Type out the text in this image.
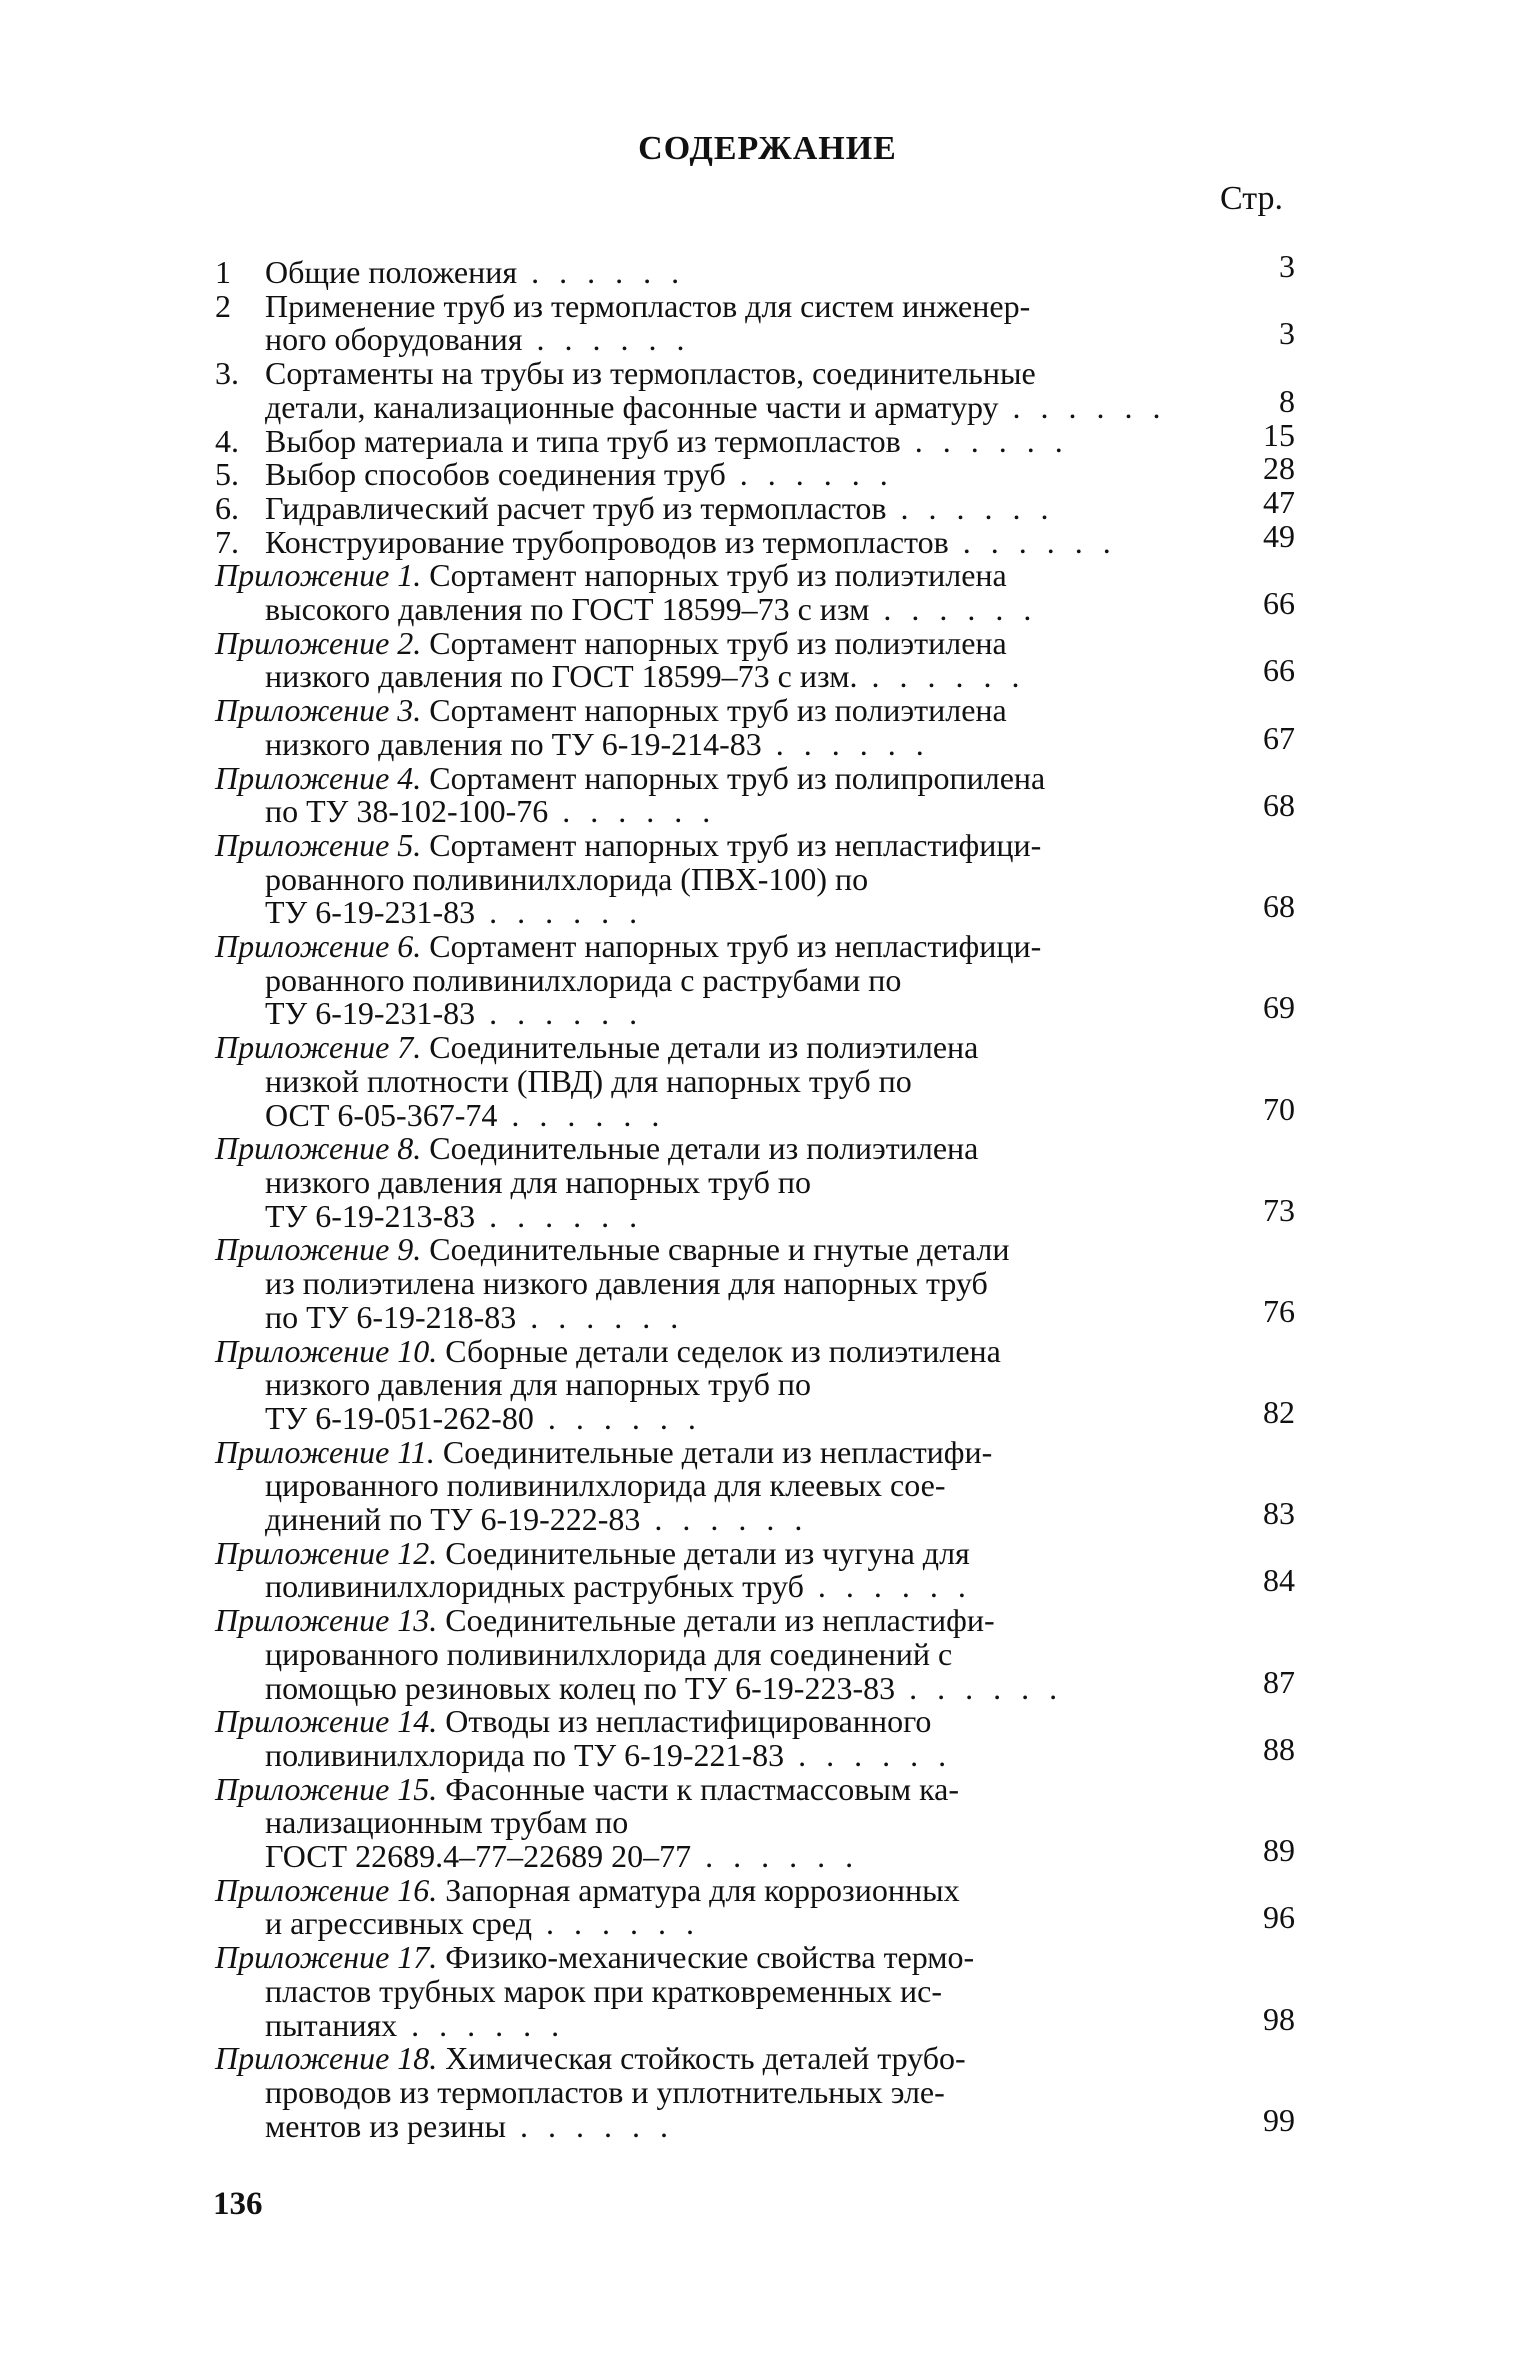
СОДЕРЖАНИЕ
Стр.
1 Общие положения . . . . . .	3
2 Применение труб из термопластов для систем инженер-
ного оборудования . . . . . .	3
3. Сортаменты на трубы из термопластов, соединительные
детали, канализационные фасонные части и арматуру . . . . . .	8
4. Выбор материала и типа труб из термопластов . . . . . .	15
5. Выбор способов соединения труб . . . . . .	28
6. Гидравлический расчет труб из термопластов . . . . . .	47
7. Конструирование трубопроводов из термопластов . . . . . .	49
Приложение 1. Сортамент напорных труб из полиэтилена
высокого давления по ГОСТ 18599–73 с изм . . . . . .	66
Приложение 2. Сортамент напорных труб из полиэтилена
низкого давления по ГОСТ 18599–73 с изм. . . . . . .	66
Приложение 3. Сортамент напорных труб из полиэтилена
низкого давления по ТУ 6-19-214-83 . . . . . .	67
Приложение 4. Сортамент напорных труб из полипропилена
по ТУ 38-102-100-76 . . . . . .	68
Приложение 5. Сортамент напорных труб из непластифици-
рованного поливинилхлорида (ПВХ-100) по
ТУ 6-19-231-83 . . . . . .	68
Приложение 6. Сортамент напорных труб из непластифици-
рованного поливинилхлорида с раструбами по
ТУ 6-19-231-83 . . . . . .	69
Приложение 7. Соединительные детали из полиэтилена
низкой плотности (ПВД) для напорных труб по
ОСТ 6-05-367-74 . . . . . .	70
Приложение 8. Соединительные детали из полиэтилена
низкого давления для напорных труб по
ТУ 6-19-213-83 . . . . . .	73
Приложение 9. Соединительные сварные и гнутые детали
из полиэтилена низкого давления для напорных труб
по ТУ 6-19-218-83 . . . . . .	76
Приложение 10. Сборные детали седелок из полиэтилена
низкого давления для напорных труб по
ТУ 6-19-051-262-80 . . . . . .	82
Приложение 11. Соединительные детали из непластифи-
цированного поливинилхлорида для клеевых сое-
динений по ТУ 6-19-222-83 . . . . . .	83
Приложение 12. Соединительные детали из чугуна для
поливинилхлоридных раструбных труб . . . . . .	84
Приложение 13. Соединительные детали из непластифи-
цированного поливинилхлорида для соединений с
помощью резиновых колец по ТУ 6-19-223-83 . . . . . .	87
Приложение 14. Отводы из непластифицированного
поливинилхлорида по ТУ 6-19-221-83 . . . . . .	88
Приложение 15. Фасонные части к пластмассовым ка-
нализационным трубам по
ГОСТ 22689.4–77–22689 20–77 . . . . . .	89
Приложение 16. Запорная арматура для коррозионных
и агрессивных сред . . . . . .	96
Приложение 17. Физико-механические свойства термо-
пластов трубных марок при кратковременных ис-
пытаниях . . . . . .	98
Приложение 18. Химическая стойкость деталей трубо-
проводов из термопластов и уплотнительных эле-
ментов из резины . . . . . .	99
136
